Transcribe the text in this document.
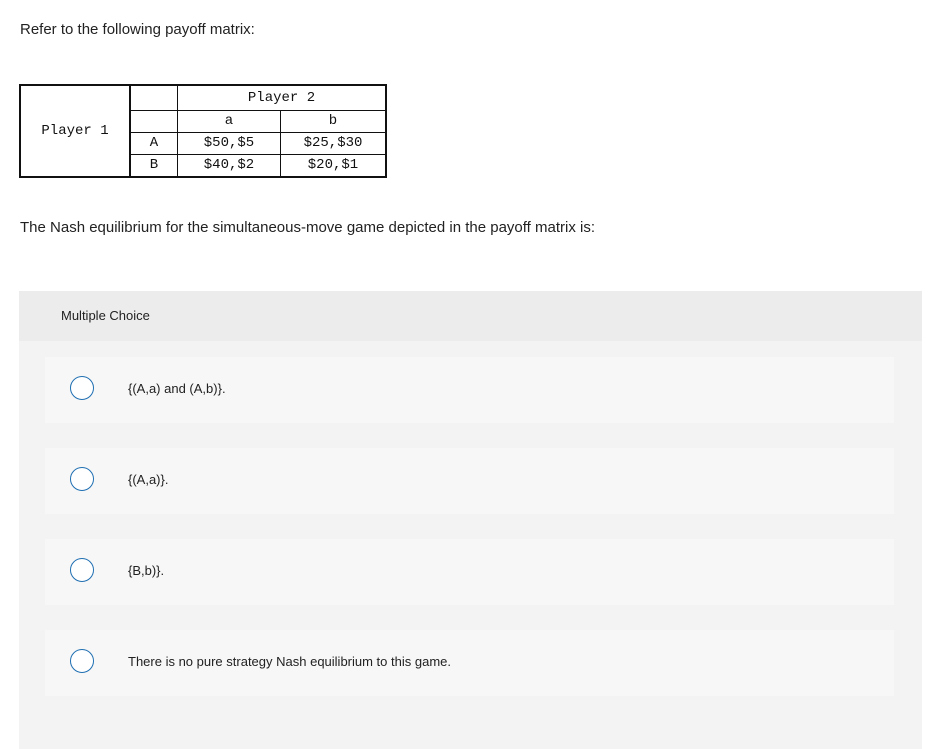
Refer to the following payoff matrix:

Player 1		Player 2	
		a	b
	A	$50,$5	$25,$30
	B	$40,$2	$20,$1

The Nash equilibrium for the simultaneous-move game depicted in the payoff matrix is:

Multiple Choice
{(A,a) and (A,b)}.
{(A,a)}.
{B,b)}.
There is no pure strategy Nash equilibrium to this game.
